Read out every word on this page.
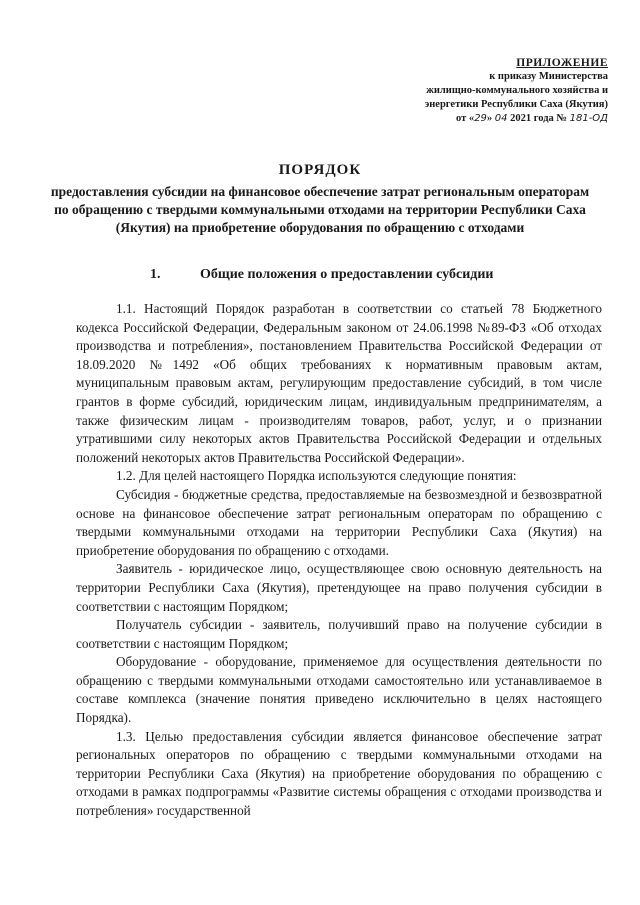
ПРИЛОЖЕНИЕ
к приказу Министерства
жилищно-коммунального хозяйства и
энергетики Республики Саха (Якутия)
от «29» 04 2021 года № 181-ОД
ПОРЯДОК
предоставления субсидии на финансовое обеспечение затрат региональным операторам по обращению с твердыми коммунальными отходами на территории Республики Саха (Якутия) на приобретение оборудования по обращению с отходами
1.	Общие положения о предоставлении субсидии

1.1. Настоящий Порядок разработан в соответствии со статьей 78 Бюджетного кодекса Российской Федерации, Федеральным законом от 24.06.1998 №89-ФЗ «Об отходах производства и потребления», постановлением Правительства Российской Федерации от 18.09.2020 №1492 «Об общих требованиях к нормативным правовым актам, муниципальным правовым актам, регулирующим предоставление субсидий, в том числе грантов в форме субсидий, юридическим лицам, индивидуальным предпринимателям, а также физическим лицам - производителям товаров, работ, услуг, и о признании утратившими силу некоторых актов Правительства Российской Федерации и отдельных положений некоторых актов Правительства Российской Федерации».

1.2. Для целей настоящего Порядка используются следующие понятия:

Субсидия - бюджетные средства, предоставляемые на безвозмездной и безвозвратной основе на финансовое обеспечение затрат региональным операторам по обращению с твердыми коммунальными отходами на территории Республики Саха (Якутия) на приобретение оборудования по обращению с отходами.

Заявитель - юридическое лицо, осуществляющее свою основную деятельность на территории Республики Саха (Якутия), претендующее на право получения субсидии в соответствии с настоящим Порядком;

Получатель субсидии - заявитель, получивший право на получение субсидии в соответствии с настоящим Порядком;

Оборудование - оборудование, применяемое для осуществления деятельности по обращению с твердыми коммунальными отходами самостоятельно или устанавливаемое в составе комплекса (значение понятия приведено исключительно в целях настоящего Порядка).

1.3. Целью предоставления субсидии является финансовое обеспечение затрат региональных операторов по обращению с твердыми коммунальными отходами на территории Республики Саха (Якутия) на приобретение оборудования по обращению с отходами в рамках подпрограммы «Развитие системы обращения с отходами производства и потребления» государственной
